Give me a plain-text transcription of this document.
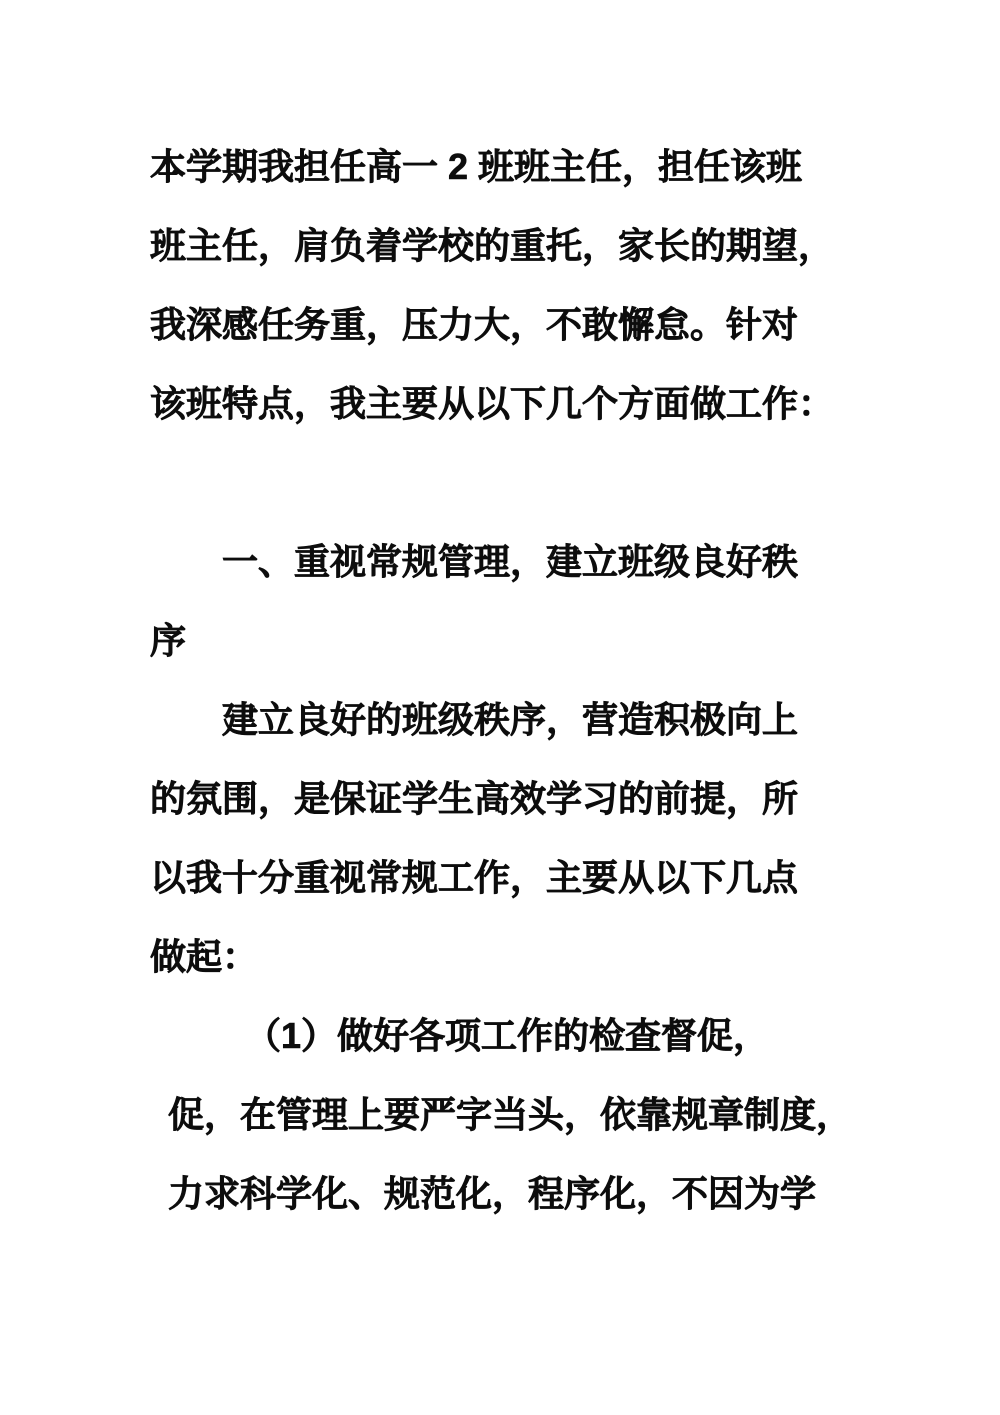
本学期我担任高一 2 班班主任，担任该班
班主任，肩负着学校的重托，家长的期望，
我深感任务重，压力大，不敢懈怠。针对
该班特点，我主要从以下几个方面做工作：
一、重视常规管理，建立班级良好秩
序
建立良好的班级秩序，营造积极向上
的氛围，是保证学生高效学习的前提，所
以我十分重视常规工作，主要从以下几点
做起：
（1）做好各项工作的检查督促，
促，在管理上要严字当头，依靠规章制度，
力求科学化、规范化，程序化，不因为学
